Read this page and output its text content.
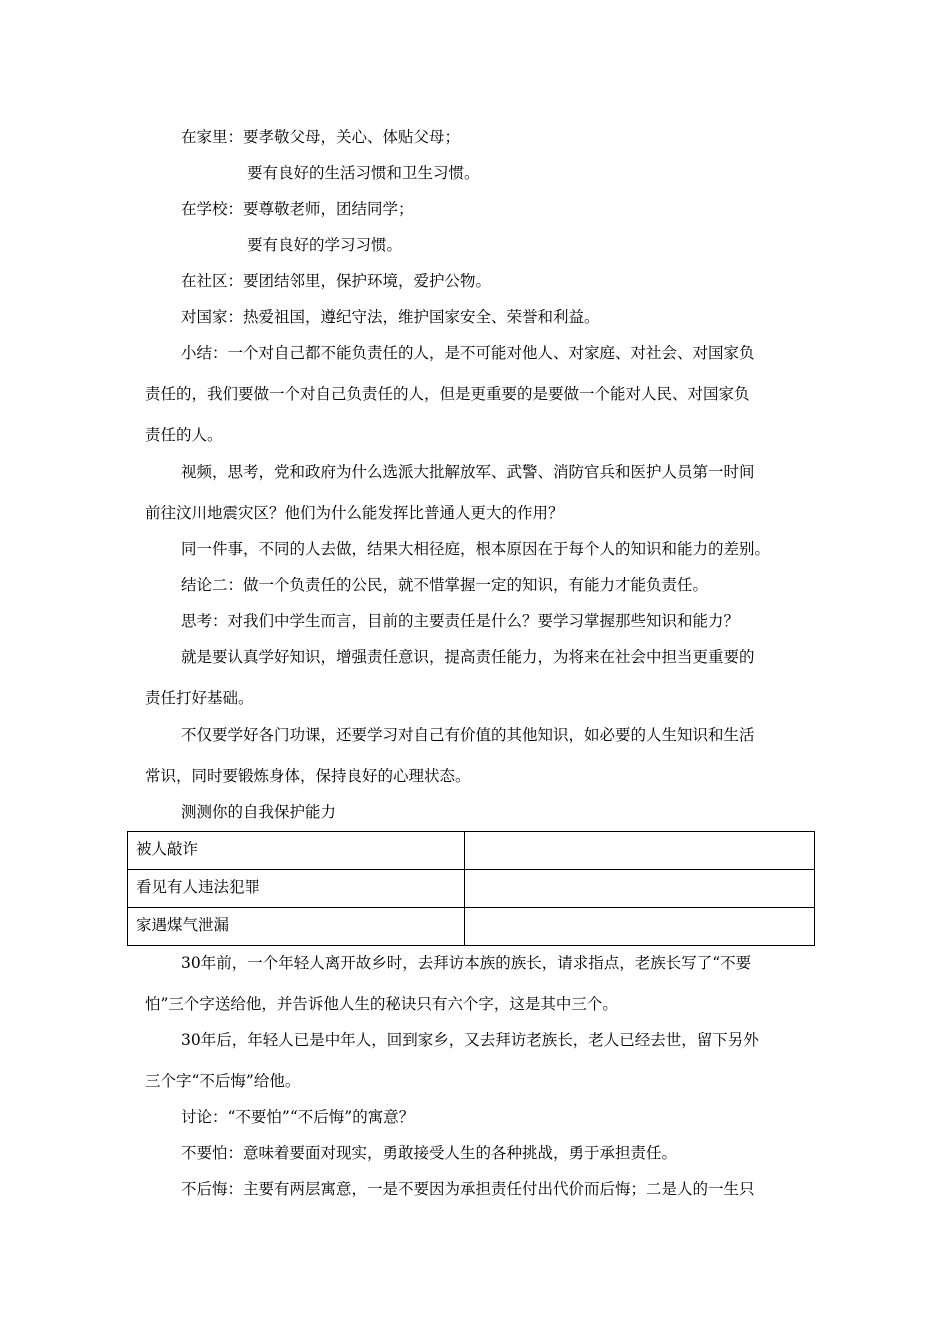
在家里：要孝敬父母，关心、体贴父母；
要有良好的生活习惯和卫生习惯。
在学校：要尊敬老师，团结同学；
要有良好的学习习惯。
在社区：要团结邻里，保护环境，爱护公物。
对国家：热爱祖国，遵纪守法，维护国家安全、荣誉和利益。
小结：一个对自己都不能负责任的人，是不可能对他人、对家庭、对社会、对国家负
责任的，我们要做一个对自己负责任的人，但是更重要的是要做一个能对人民、对国家负
责任的人。
视频，思考，党和政府为什么选派大批解放军、武警、消防官兵和医护人员第一时间
前往汶川地震灾区？他们为什么能发挥比普通人更大的作用？
同一件事，不同的人去做，结果大相径庭，根本原因在于每个人的知识和能力的差别。
结论二：做一个负责任的公民，就不惜掌握一定的知识，有能力才能负责任。
思考：对我们中学生而言，目前的主要责任是什么？要学习掌握那些知识和能力？
就是要认真学好知识，增强责任意识，提高责任能力，为将来在社会中担当更重要的
责任打好基础。
不仅要学好各门功课，还要学习对自己有价值的其他知识，如必要的人生知识和生活
常识，同时要锻炼身体，保持良好的心理状态。
测测你的自我保护能力
被人敲诈	

看见有人违法犯罪	

家遇煤气泄漏	

30年前，一个年轻人离开故乡时，去拜访本族的族长，请求指点，老族长写了“不要
怕”三个字送给他，并告诉他人生的秘诀只有六个字，这是其中三个。
30年后，年轻人已是中年人，回到家乡，又去拜访老族长，老人已经去世，留下另外
三个字“不后悔”给他。
讨论：“不要怕”“不后悔”的寓意？
不要怕：意味着要面对现实，勇敢接受人生的各种挑战，勇于承担责任。
不后悔：主要有两层寓意，一是不要因为承担责任付出代价而后悔；二是人的一生只
